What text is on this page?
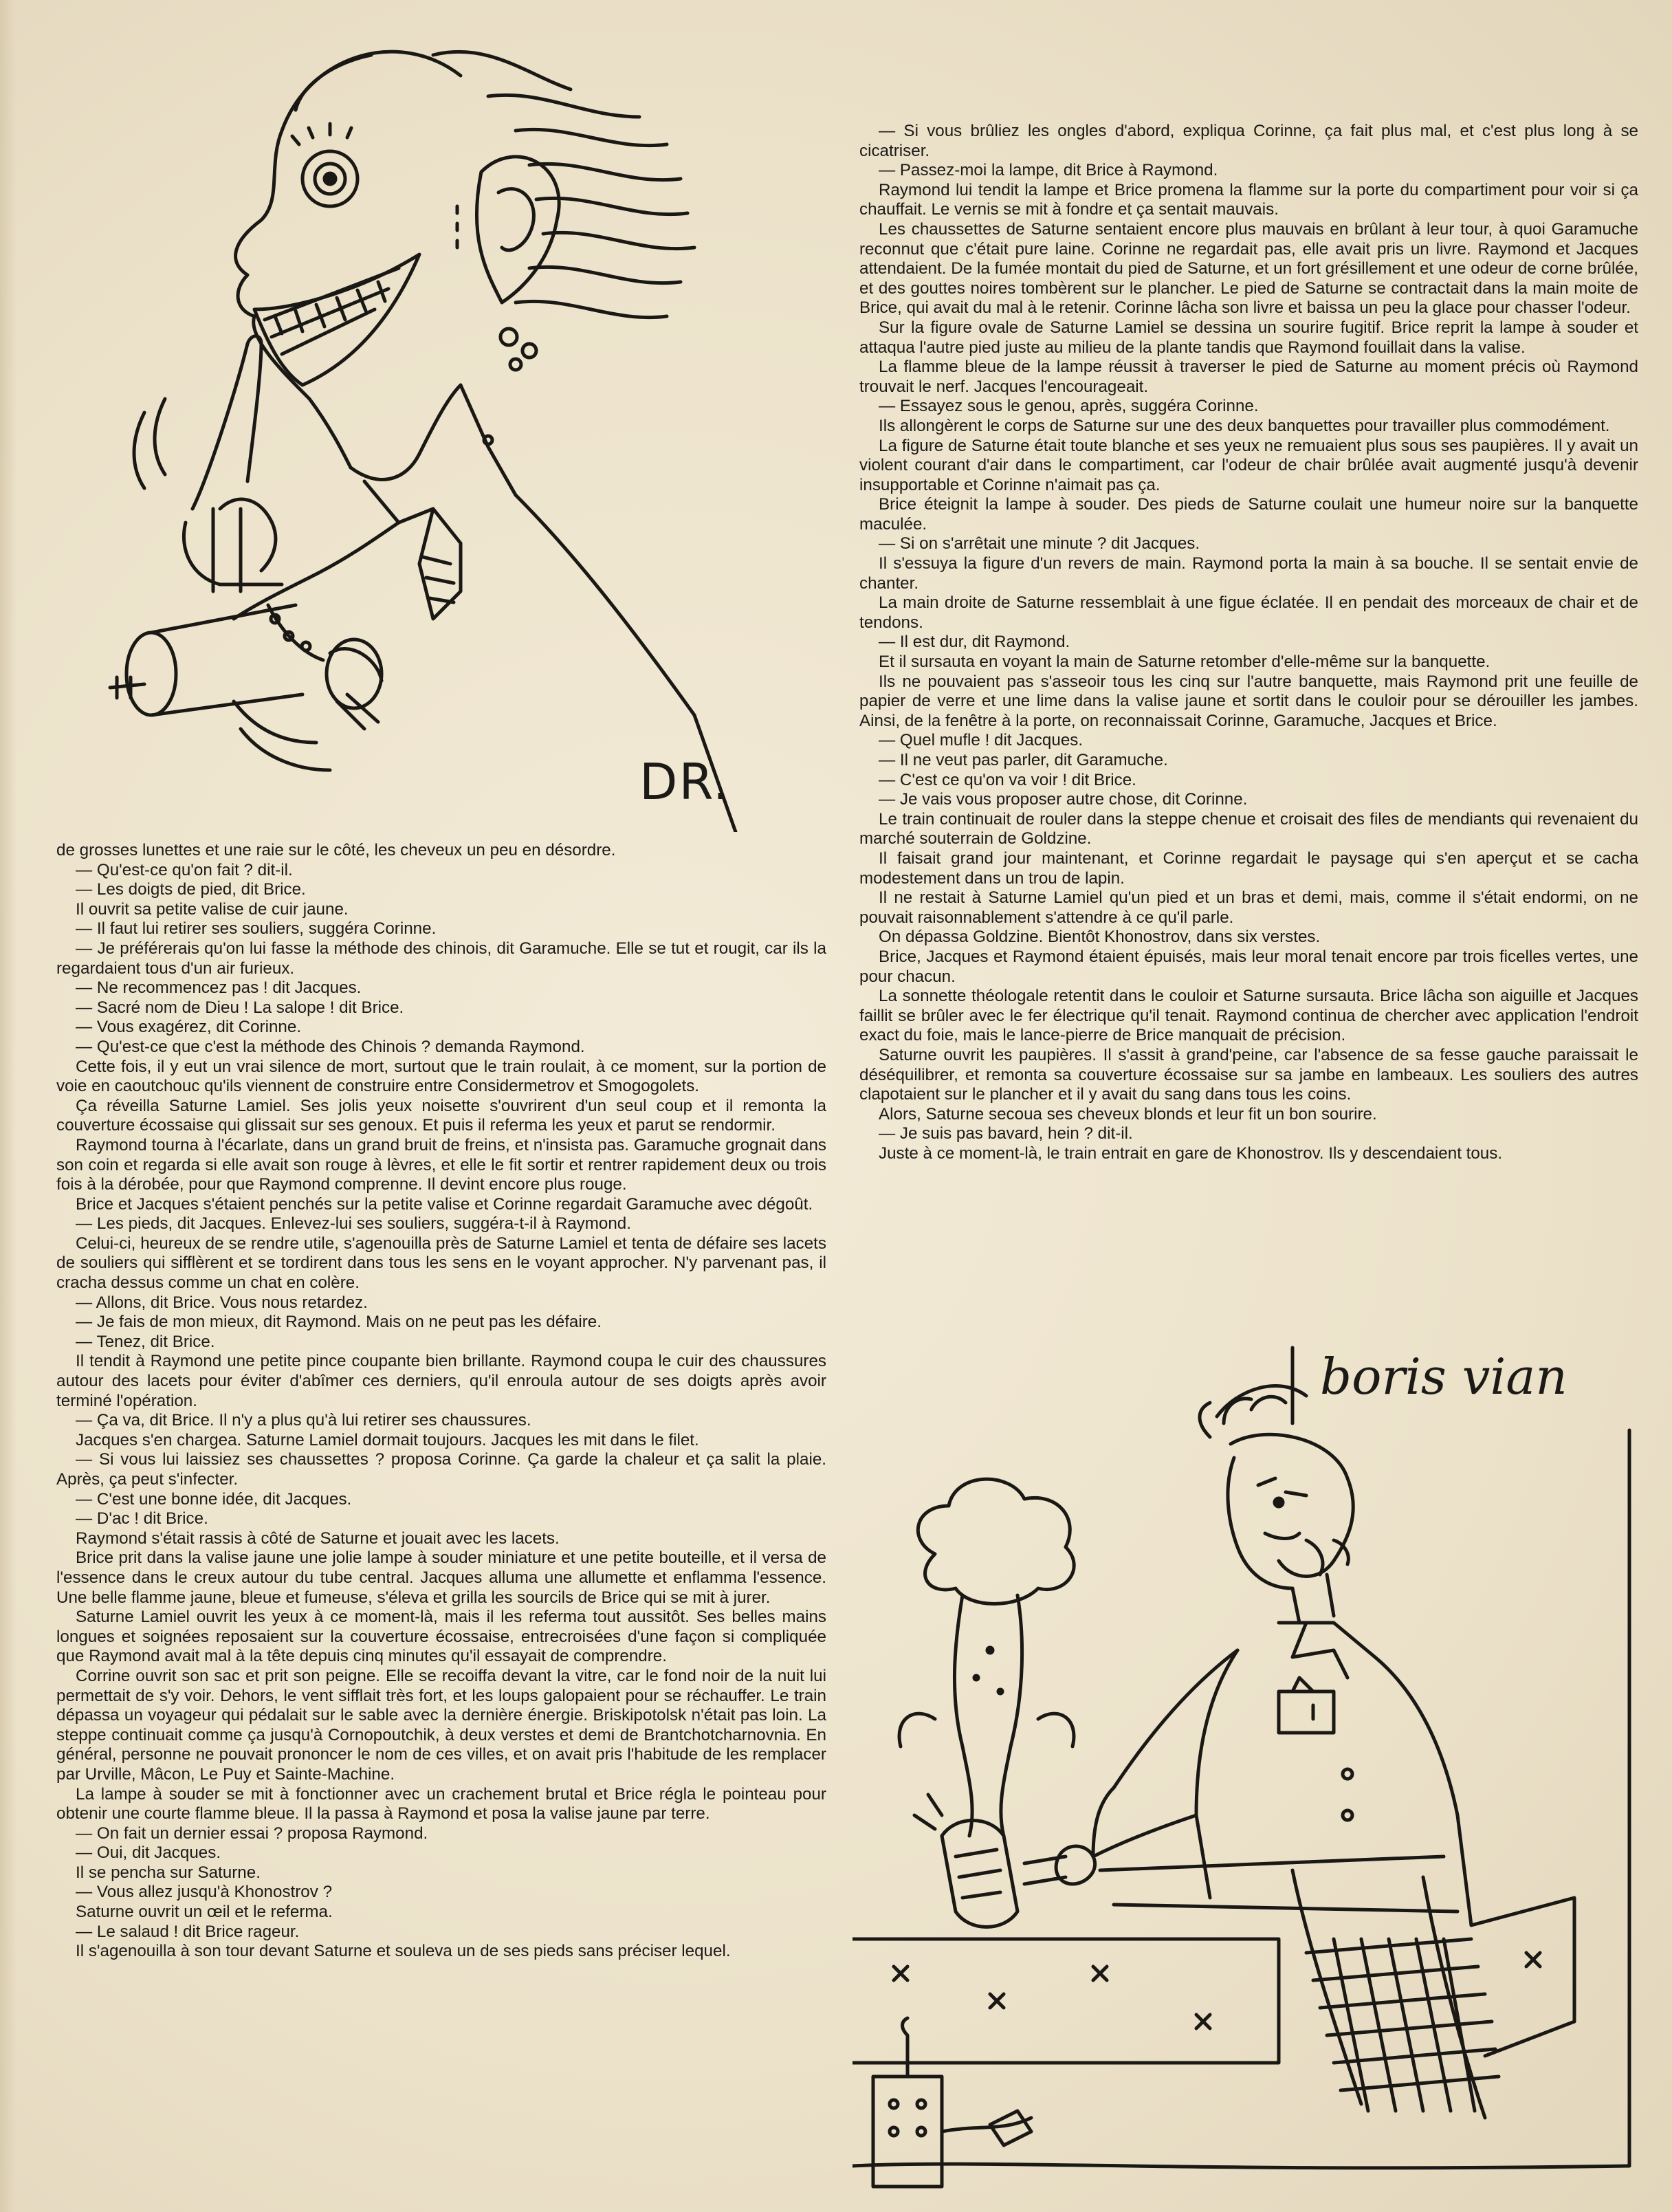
DR.
boris vian

de grosses lunettes et une raie sur le côté, les cheveux un peu en désordre.

— Qu'est-ce qu'on fait ? dit-il.

— Les doigts de pied, dit Brice.

Il ouvrit sa petite valise de cuir jaune.

— Il faut lui retirer ses souliers, suggéra Corinne.

— Je préférerais qu'on lui fasse la méthode des chinois, dit Garamuche. Elle se tut et rougit, car ils la regardaient tous d'un air furieux.

— Ne recommencez pas ! dit Jacques.

— Sacré nom de Dieu ! La salope ! dit Brice.

— Vous exagérez, dit Corinne.

— Qu'est-ce que c'est la méthode des Chinois ? demanda Raymond.

Cette fois, il y eut un vrai silence de mort, surtout que le train roulait, à ce moment, sur la portion de voie en caoutchouc qu'ils viennent de construire entre Considermetrov et Smogogolets.

Ça réveilla Saturne Lamiel. Ses jolis yeux noisette s'ouvrirent d'un seul coup et il remonta la couverture écossaise qui glissait sur ses genoux. Et puis il referma les yeux et parut se rendormir.

Raymond tourna à l'écarlate, dans un grand bruit de freins, et n'insista pas. Garamuche grognait dans son coin et regarda si elle avait son rouge à lèvres, et elle le fit sortir et rentrer rapidement deux ou trois fois à la dérobée, pour que Raymond comprenne. Il devint encore plus rouge.

Brice et Jacques s'étaient penchés sur la petite valise et Corinne regardait Garamuche avec dégoût.

— Les pieds, dit Jacques. Enlevez-lui ses souliers, suggéra-t-il à Raymond.

Celui-ci, heureux de se rendre utile, s'agenouilla près de Saturne Lamiel et tenta de défaire ses lacets de souliers qui sifflèrent et se tordirent dans tous les sens en le voyant approcher. N'y parvenant pas, il cracha dessus comme un chat en colère.

— Allons, dit Brice. Vous nous retardez.

— Je fais de mon mieux, dit Raymond. Mais on ne peut pas les défaire.

— Tenez, dit Brice.

Il tendit à Raymond une petite pince coupante bien brillante. Raymond coupa le cuir des chaussures autour des lacets pour éviter d'abîmer ces derniers, qu'il enroula autour de ses doigts après avoir terminé l'opération.

— Ça va, dit Brice. Il n'y a plus qu'à lui retirer ses chaussures.

Jacques s'en chargea. Saturne Lamiel dormait toujours. Jacques les mit dans le filet.

— Si vous lui laissiez ses chaussettes ? proposa Corinne. Ça garde la chaleur et ça salit la plaie. Après, ça peut s'infecter.

— C'est une bonne idée, dit Jacques.

— D'ac ! dit Brice.

Raymond s'était rassis à côté de Saturne et jouait avec les lacets.

Brice prit dans la valise jaune une jolie lampe à souder miniature et une petite bouteille, et il versa de l'essence dans le creux autour du tube central. Jacques alluma une allumette et enflamma l'essence. Une belle flamme jaune, bleue et fumeuse, s'éleva et grilla les sourcils de Brice qui se mit à jurer.

Saturne Lamiel ouvrit les yeux à ce moment-là, mais il les referma tout aussitôt. Ses belles mains longues et soignées reposaient sur la couverture écossaise, entrecroisées d'une façon si compliquée que Raymond avait mal à la tête depuis cinq minutes qu'il essayait de comprendre.

Corrine ouvrit son sac et prit son peigne. Elle se recoiffa devant la vitre, car le fond noir de la nuit lui permettait de s'y voir. Dehors, le vent sifflait très fort, et les loups galopaient pour se réchauffer. Le train dépassa un voyageur qui pédalait sur le sable avec la dernière énergie. Briskipotolsk n'était pas loin. La steppe continuait comme ça jusqu'à Cornopoutchik, à deux verstes et demi de Brantchotcharnovnia. En général, personne ne pouvait prononcer le nom de ces villes, et on avait pris l'habitude de les remplacer par Urville, Mâcon, Le Puy et Sainte-Machine.

La lampe à souder se mit à fonctionner avec un crachement brutal et Brice régla le pointeau pour obtenir une courte flamme bleue. Il la passa à Raymond et posa la valise jaune par terre.

— On fait un dernier essai ? proposa Raymond.

— Oui, dit Jacques.

Il se pencha sur Saturne.

— Vous allez jusqu'à Khonostrov ?

Saturne ouvrit un œil et le referma.

— Le salaud ! dit Brice rageur.

Il s'agenouilla à son tour devant Saturne et souleva un de ses pieds sans préciser lequel.

— Si vous brûliez les ongles d'abord, expliqua Corinne, ça fait plus mal, et c'est plus long à se cicatriser.

— Passez-moi la lampe, dit Brice à Raymond.

Raymond lui tendit la lampe et Brice promena la flamme sur la porte du compartiment pour voir si ça chauffait. Le vernis se mit à fondre et ça sentait mauvais.

Les chaussettes de Saturne sentaient encore plus mauvais en brûlant à leur tour, à quoi Garamuche reconnut que c'était pure laine. Corinne ne regardait pas, elle avait pris un livre. Raymond et Jacques attendaient. De la fumée montait du pied de Saturne, et un fort grésillement et une odeur de corne brûlée, et des gouttes noires tombèrent sur le plancher. Le pied de Saturne se contractait dans la main moite de Brice, qui avait du mal à le retenir. Corinne lâcha son livre et baissa un peu la glace pour chasser l'odeur.

Sur la figure ovale de Saturne Lamiel se dessina un sourire fugitif. Brice reprit la lampe à souder et attaqua l'autre pied juste au milieu de la plante tandis que Raymond fouillait dans la valise.

La flamme bleue de la lampe réussit à traverser le pied de Saturne au moment précis où Raymond trouvait le nerf. Jacques l'encourageait.

— Essayez sous le genou, après, suggéra Corinne.

Ils allongèrent le corps de Saturne sur une des deux banquettes pour travailler plus commodément.

La figure de Saturne était toute blanche et ses yeux ne remuaient plus sous ses paupières. Il y avait un violent courant d'air dans le compartiment, car l'odeur de chair brûlée avait augmenté jusqu'à devenir insupportable et Corinne n'aimait pas ça.

Brice éteignit la lampe à souder. Des pieds de Saturne coulait une humeur noire sur la banquette maculée.

— Si on s'arrêtait une minute ? dit Jacques.

Il s'essuya la figure d'un revers de main. Raymond porta la main à sa bouche. Il se sentait envie de chanter.

La main droite de Saturne ressemblait à une figue éclatée. Il en pendait des morceaux de chair et de tendons.

— Il est dur, dit Raymond.

Et il sursauta en voyant la main de Saturne retomber d'elle-même sur la banquette.

Ils ne pouvaient pas s'asseoir tous les cinq sur l'autre banquette, mais Raymond prit une feuille de papier de verre et une lime dans la valise jaune et sortit dans le couloir pour se dérouiller les jambes. Ainsi, de la fenêtre à la porte, on reconnaissait Corinne, Garamuche, Jacques et Brice.

— Quel mufle ! dit Jacques.

— Il ne veut pas parler, dit Garamuche.

— C'est ce qu'on va voir ! dit Brice.

— Je vais vous proposer autre chose, dit Corinne.

Le train continuait de rouler dans la steppe chenue et croisait des files de mendiants qui revenaient du marché souterrain de Goldzine.

Il faisait grand jour maintenant, et Corinne regardait le paysage qui s'en aperçut et se cacha modestement dans un trou de lapin.

Il ne restait à Saturne Lamiel qu'un pied et un bras et demi, mais, comme il s'était endormi, on ne pouvait raisonnablement s'attendre à ce qu'il parle.

On dépassa Goldzine. Bientôt Khonostrov, dans six verstes.

Brice, Jacques et Raymond étaient épuisés, mais leur moral tenait encore par trois ficelles vertes, une pour chacun.

La sonnette théologale retentit dans le couloir et Saturne sursauta. Brice lâcha son aiguille et Jacques faillit se brûler avec le fer électrique qu'il tenait. Raymond continua de chercher avec application l'endroit exact du foie, mais le lance-pierre de Brice manquait de précision.

Saturne ouvrit les paupières. Il s'assit à grand'peine, car l'absence de sa fesse gauche paraissait le déséquilibrer, et remonta sa couverture écossaise sur sa jambe en lambeaux. Les souliers des autres clapotaient sur le plancher et il y avait du sang dans tous les coins.

Alors, Saturne secoua ses cheveux blonds et leur fit un bon sourire.

— Je suis pas bavard, hein ? dit-il.

Juste à ce moment-là, le train entrait en gare de Khonostrov. Ils y descendaient tous.
